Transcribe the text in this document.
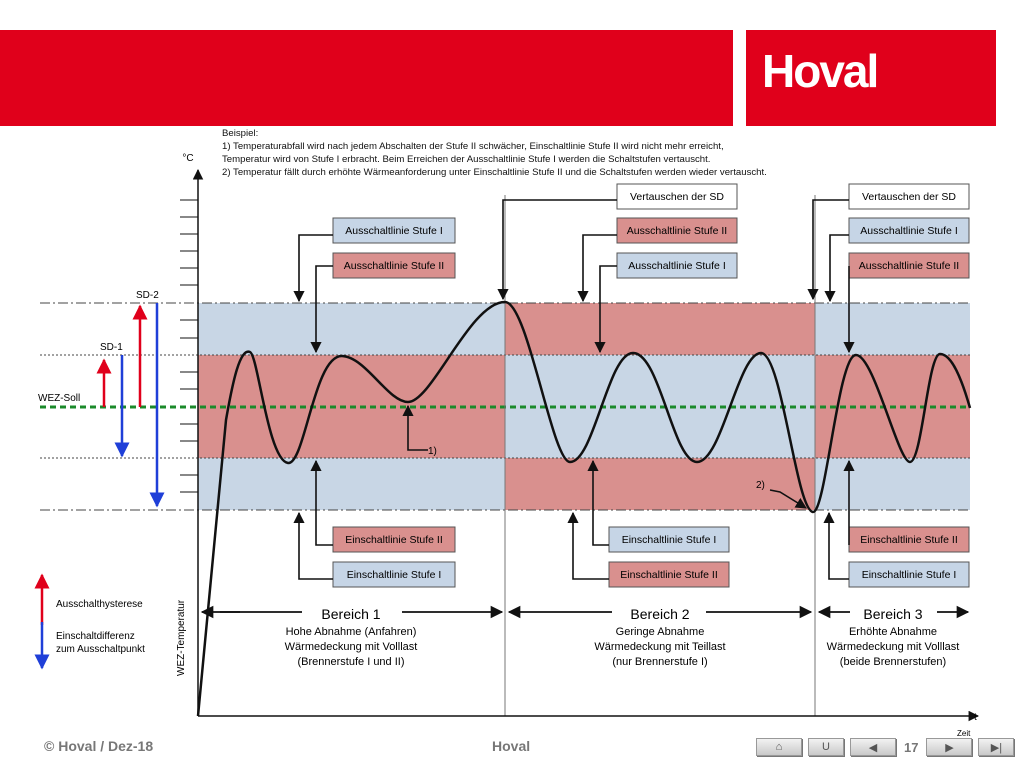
Hoval
°C
WEZ-Temperatur
t
Zeit
SD-2
SD-1
WEZ-Soll
Beispiel:
1) Temperaturabfall wird nach jedem Abschalten der Stufe II schwächer, Einschaltlinie Stufe II wird nicht mehr erreicht,
Temperatur wird von Stufe I erbracht. Beim Erreichen der Ausschaltlinie Stufe I werden die Schaltstufen vertauscht.
2) Temperatur fällt durch erhöhte Wärmeanforderung unter Einschaltlinie Stufe II und die Schaltstufen werden wieder vertauscht.
Ausschaltlinie Stufe I
Ausschaltlinie Stufe II
Einschaltlinie Stufe II
Einschaltlinie Stufe I
1)
Vertauschen der SD
Ausschaltlinie Stufe II
Ausschaltlinie Stufe I
Einschaltlinie Stufe I
Einschaltlinie Stufe II
Vertauschen der SD
Ausschaltlinie Stufe I
Ausschaltlinie Stufe II
Einschaltlinie Stufe II
Einschaltlinie Stufe I
2)
Bereich 1
Hohe Abnahme (Anfahren)
Wärmedeckung mit Volllast
(Brennerstufe I und II)
Bereich 2
Geringe Abnahme
Wärmedeckung mit Teillast
(nur Brennerstufe I)
Bereich 3
Erhöhte Abnahme
Wärmedeckung mit Volllast
(beide Brennerstufen)
Ausschalthysterese
Einschaltdifferenz
zum Ausschaltpunkt
© Hoval / Dez-18	Hoval	⌂	U	◀ 17 ▶	▶|
